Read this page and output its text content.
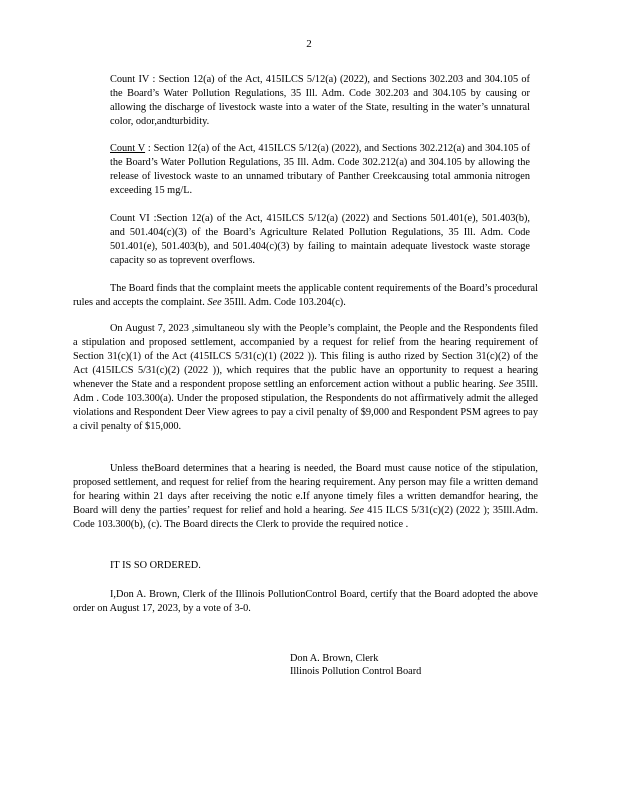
2

Count IV : Section 12(a) of the Act, 415ILCS 5/12(a) (2022), and Sections 302.203 and 304.105 of the Board’s Water Pollution Regulations, 35 Ill. Adm. Code 302.203 and 304.105 by causing or allowing the discharge of livestock waste into a water of the State, resulting in the water’s unnatural color, odor,andturbidity.

Count V : Section 12(a) of the Act, 415ILCS 5/12(a) (2022), and Sections 302.212(a) and 304.105 of the Board’s Water Pollution Regulations, 35 Ill. Adm. Code 302.212(a) and 304.105 by allowing the release of livestock waste to an unnamed tributary of Panther Creekcausing total ammonia nitrogen exceeding 15 mg/L.

Count VI :Section 12(a) of the Act, 415ILCS 5/12(a) (2022) and Sections 501.401(e), 501.403(b), and 501.404(c)(3) of the Board’s Agriculture Related Pollution Regulations, 35 Ill. Adm. Code 501.401(e), 501.403(b), and 501.404(c)(3) by failing to maintain adequate livestock waste storage capacity so as toprevent overflows.

The Board finds that the complaint meets the applicable content requirements of the Board’s procedural rules and accepts the complaint. See 35Ill. Adm. Code 103.204(c).

On August 7, 2023 ,simultaneou sly with the People’s complaint, the People and the Respondents filed a stipulation and proposed settlement, accompanied by a request for relief from the hearing requirement of Section 31(c)(1) of the Act (415ILCS 5/31(c)(1) (2022 )). This filing is autho rized by Section 31(c)(2) of the Act (415ILCS 5/31(c)(2) (2022 )), which requires that the public have an opportunity to request a hearing whenever the State and a respondent propose settling an enforcement action without a public hearing. See 35Ill. Adm . Code 103.300(a). Under the proposed stipulation, the Respondents do not affirmatively admit the alleged violations and Respondent Deer View agrees to pay a civil penalty of $9,000 and Respondent PSM agrees to pay a civil penalty of $15,000.

Unless theBoard determines that a hearing is needed, the Board must cause notice of the stipulation, proposed settlement, and request for relief from the hearing requirement. Any person may file a written demand for hearing within 21 days after receiving the notic e.If anyone timely files a written demandfor hearing, the Board will deny the parties’ request for relief and hold a hearing. See 415 ILCS 5/31(c)(2) (2022 ); 35Ill.Adm. Code 103.300(b), (c). The Board directs the Clerk to provide the required notice .

IT IS SO ORDERED.

I,Don A. Brown, Clerk of the Illinois PollutionControl Board, certify that the Board adopted the above order on August 17, 2023, by a vote of 3-0.

Don A. Brown, Clerk
Illinois Pollution Control Board
